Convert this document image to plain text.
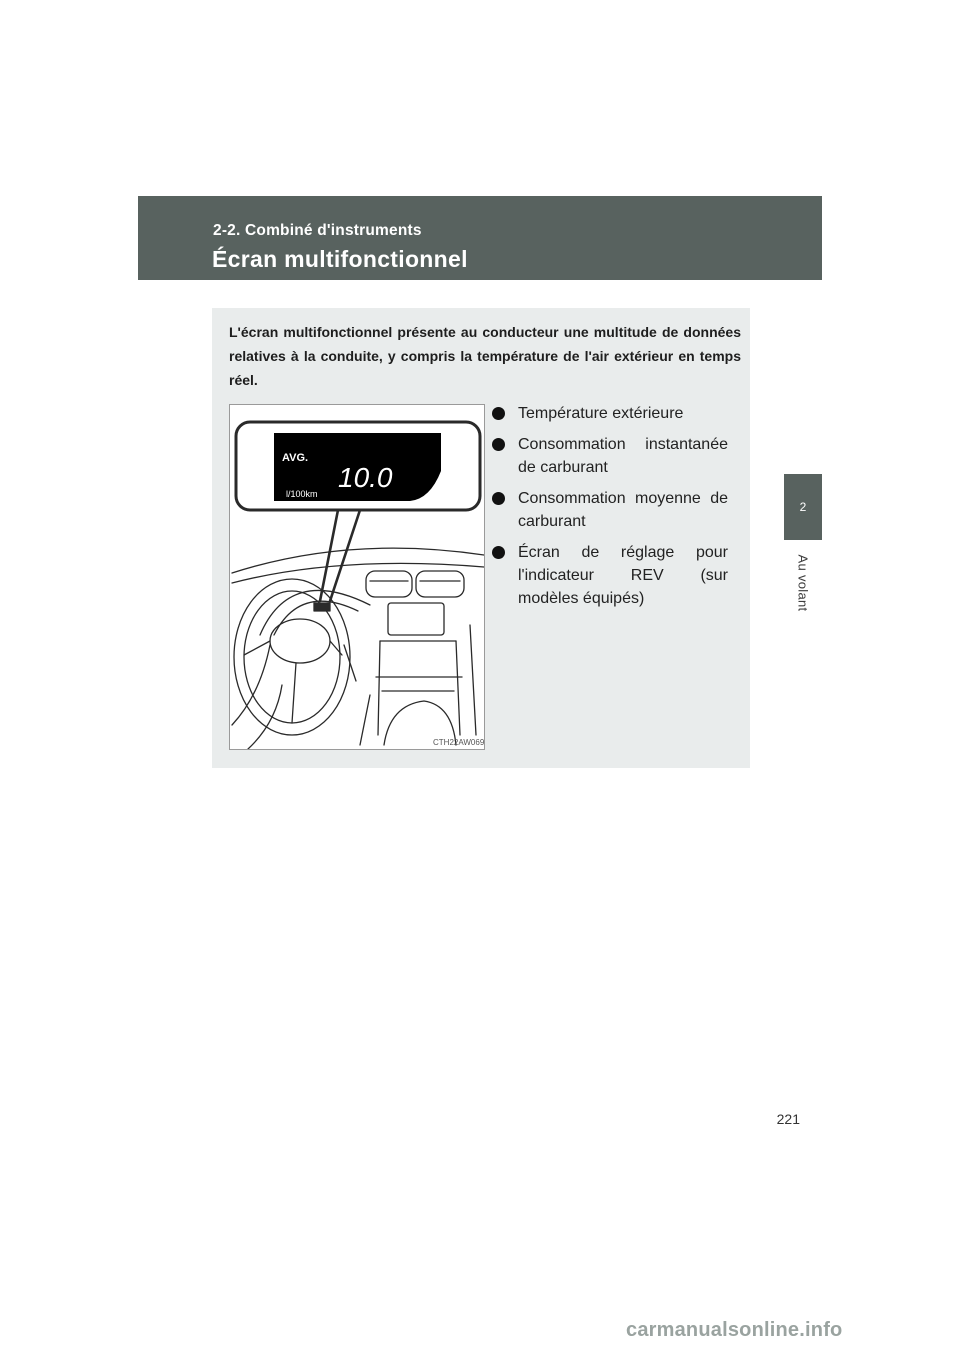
2-2. Combiné d'instruments
Écran multifonctionnel
2
Au volant
L'écran multifonctionnel présente au conducteur une multitude de données relatives à la conduite, y compris la température de l'air extérieur en temps réel.
AVG.
10.0
l/100km
CTH22AW069
Température extérieure
Consommation instantanée de carburant
Consommation moyenne de carburant
Écran de réglage pour l'indicateur REV (sur modèles équipés)
221
carmanualsonline.info
